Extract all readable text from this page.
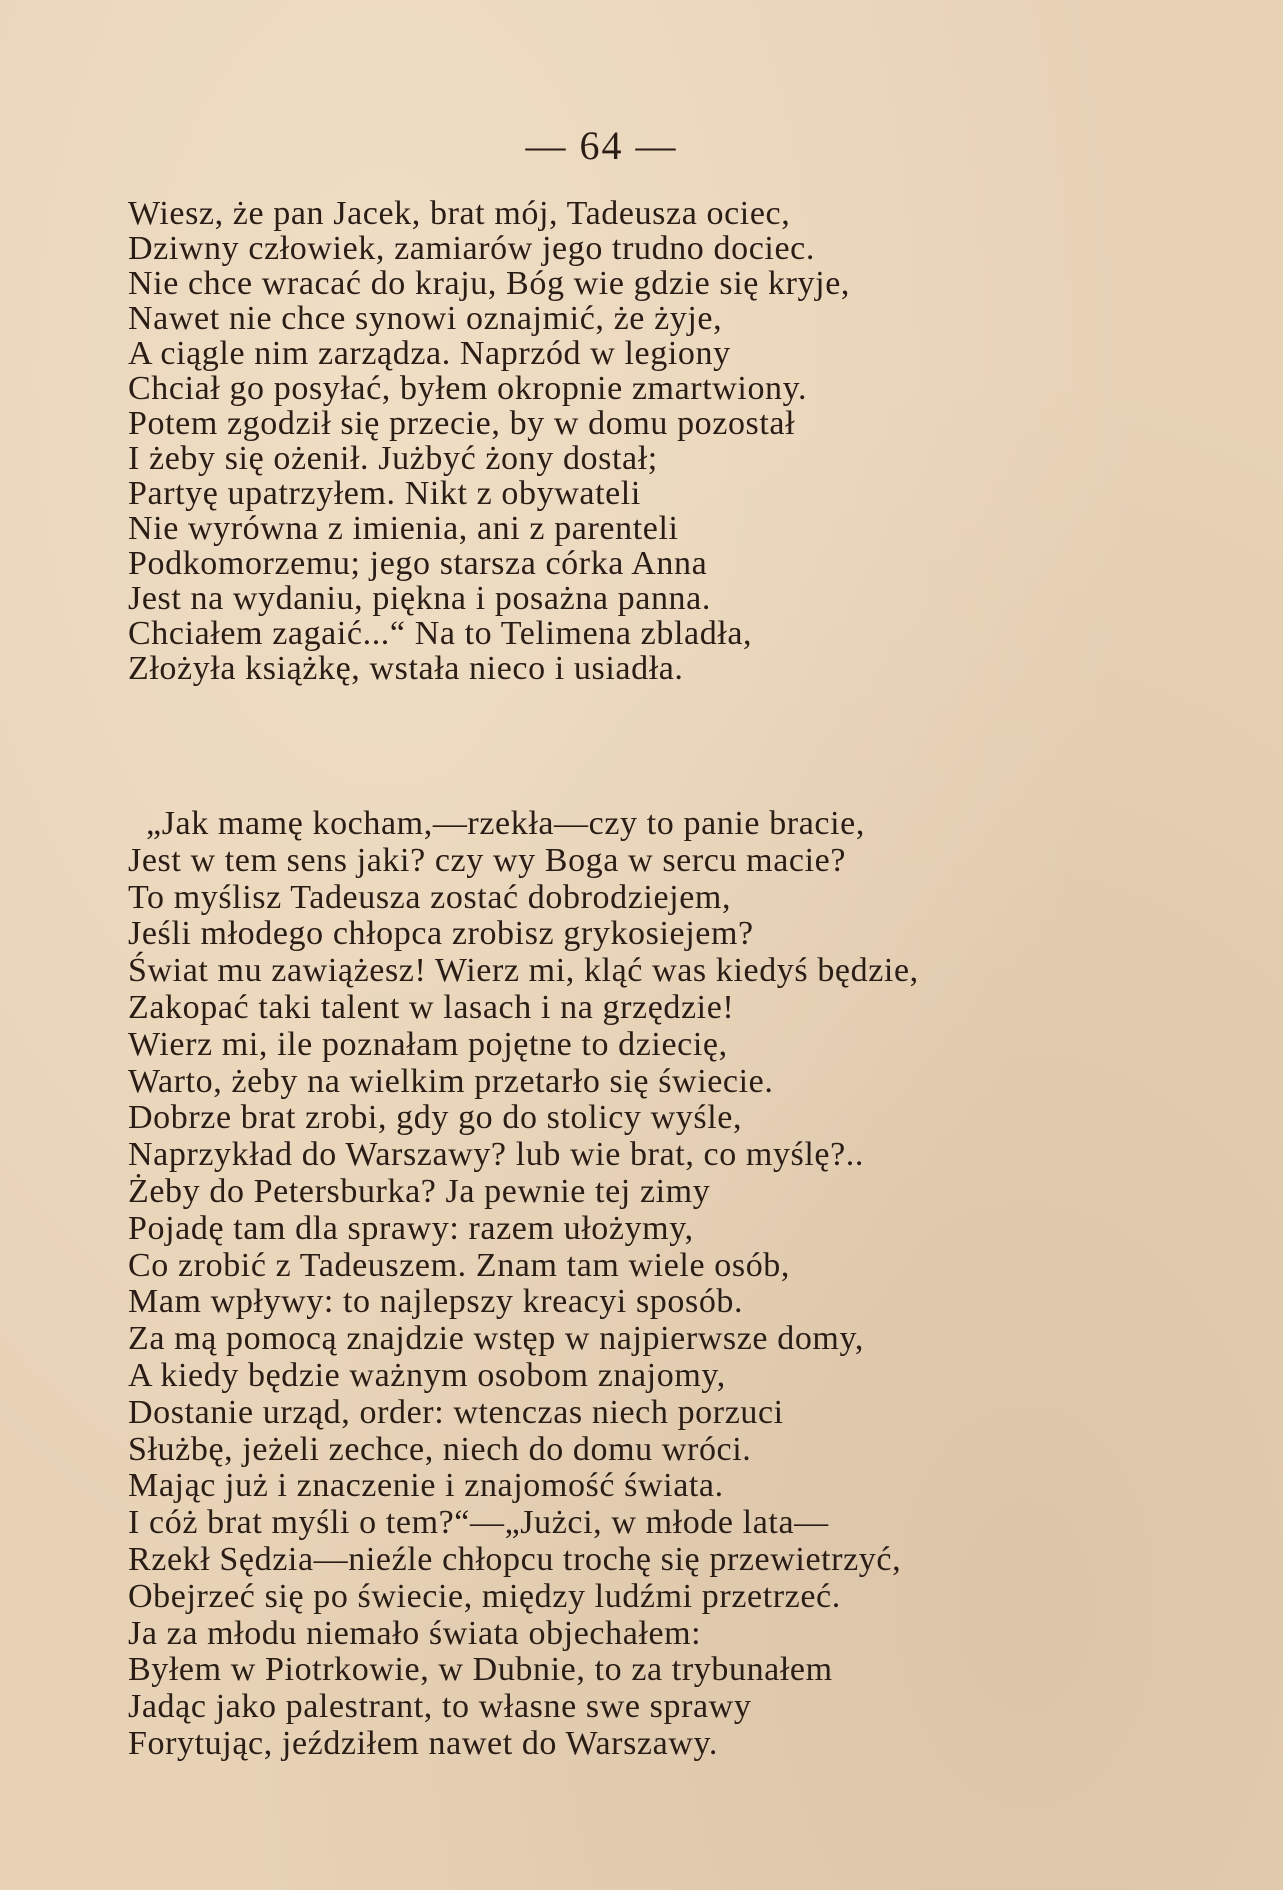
— 64 —
Wiesz, że pan Jacek, brat mój, Tadeusza ociec,
Dziwny człowiek, zamiarów jego trudno dociec.
Nie chce wracać do kraju, Bóg wie gdzie się kryje,
Nawet nie chce synowi oznajmić, że żyje,
A ciągle nim zarządza. Naprzód w legiony
Chciał go posyłać, byłem okropnie zmartwiony.
Potem zgodził się przecie, by w domu pozostał
I żeby się ożenił. Jużbyć żony dostał;
Partyę upatrzyłem. Nikt z obywateli
Nie wyrówna z imienia, ani z parenteli
Podkomorzemu; jego starsza córka Anna
Jest na wydaniu, piękna i posażna panna.
Chciałem zagaić...“ Na to Telimena zbladła,
Złożyła książkę, wstała nieco i usiadła.
„Jak mamę kocham,—rzekła—czy to panie bracie,
Jest w tem sens jaki? czy wy Boga w sercu macie?
To myślisz Tadeusza zostać dobrodziejem,
Jeśli młodego chłopca zrobisz grykosiejem?
Świat mu zawiążesz! Wierz mi, kląć was kiedyś będzie,
Zakopać taki talent w lasach i na grzędzie!
Wierz mi, ile poznałam pojętne to dziecię,
Warto, żeby na wielkim przetarło się świecie.
Dobrze brat zrobi, gdy go do stolicy wyśle,
Naprzykład do Warszawy? lub wie brat, co myślę?..
Żeby do Petersburka? Ja pewnie tej zimy
Pojadę tam dla sprawy: razem ułożymy,
Co zrobić z Tadeuszem. Znam tam wiele osób,
Mam wpływy: to najlepszy kreacyi sposób.
Za mą pomocą znajdzie wstęp w najpierwsze domy,
A kiedy będzie ważnym osobom znajomy,
Dostanie urząd, order: wtenczas niech porzuci
Służbę, jeżeli zechce, niech do domu wróci.
Mając już i znaczenie i znajomość świata.
I cóż brat myśli o tem?“—„Jużci, w młode lata—
Rzekł Sędzia—nieźle chłopcu trochę się przewietrzyć,
Obejrzeć się po świecie, między ludźmi przetrzeć.
Ja za młodu niemało świata objechałem:
Byłem w Piotrkowie, w Dubnie, to za trybunałem
Jadąc jako palestrant, to własne swe sprawy
Forytując, jeździłem nawet do Warszawy.
